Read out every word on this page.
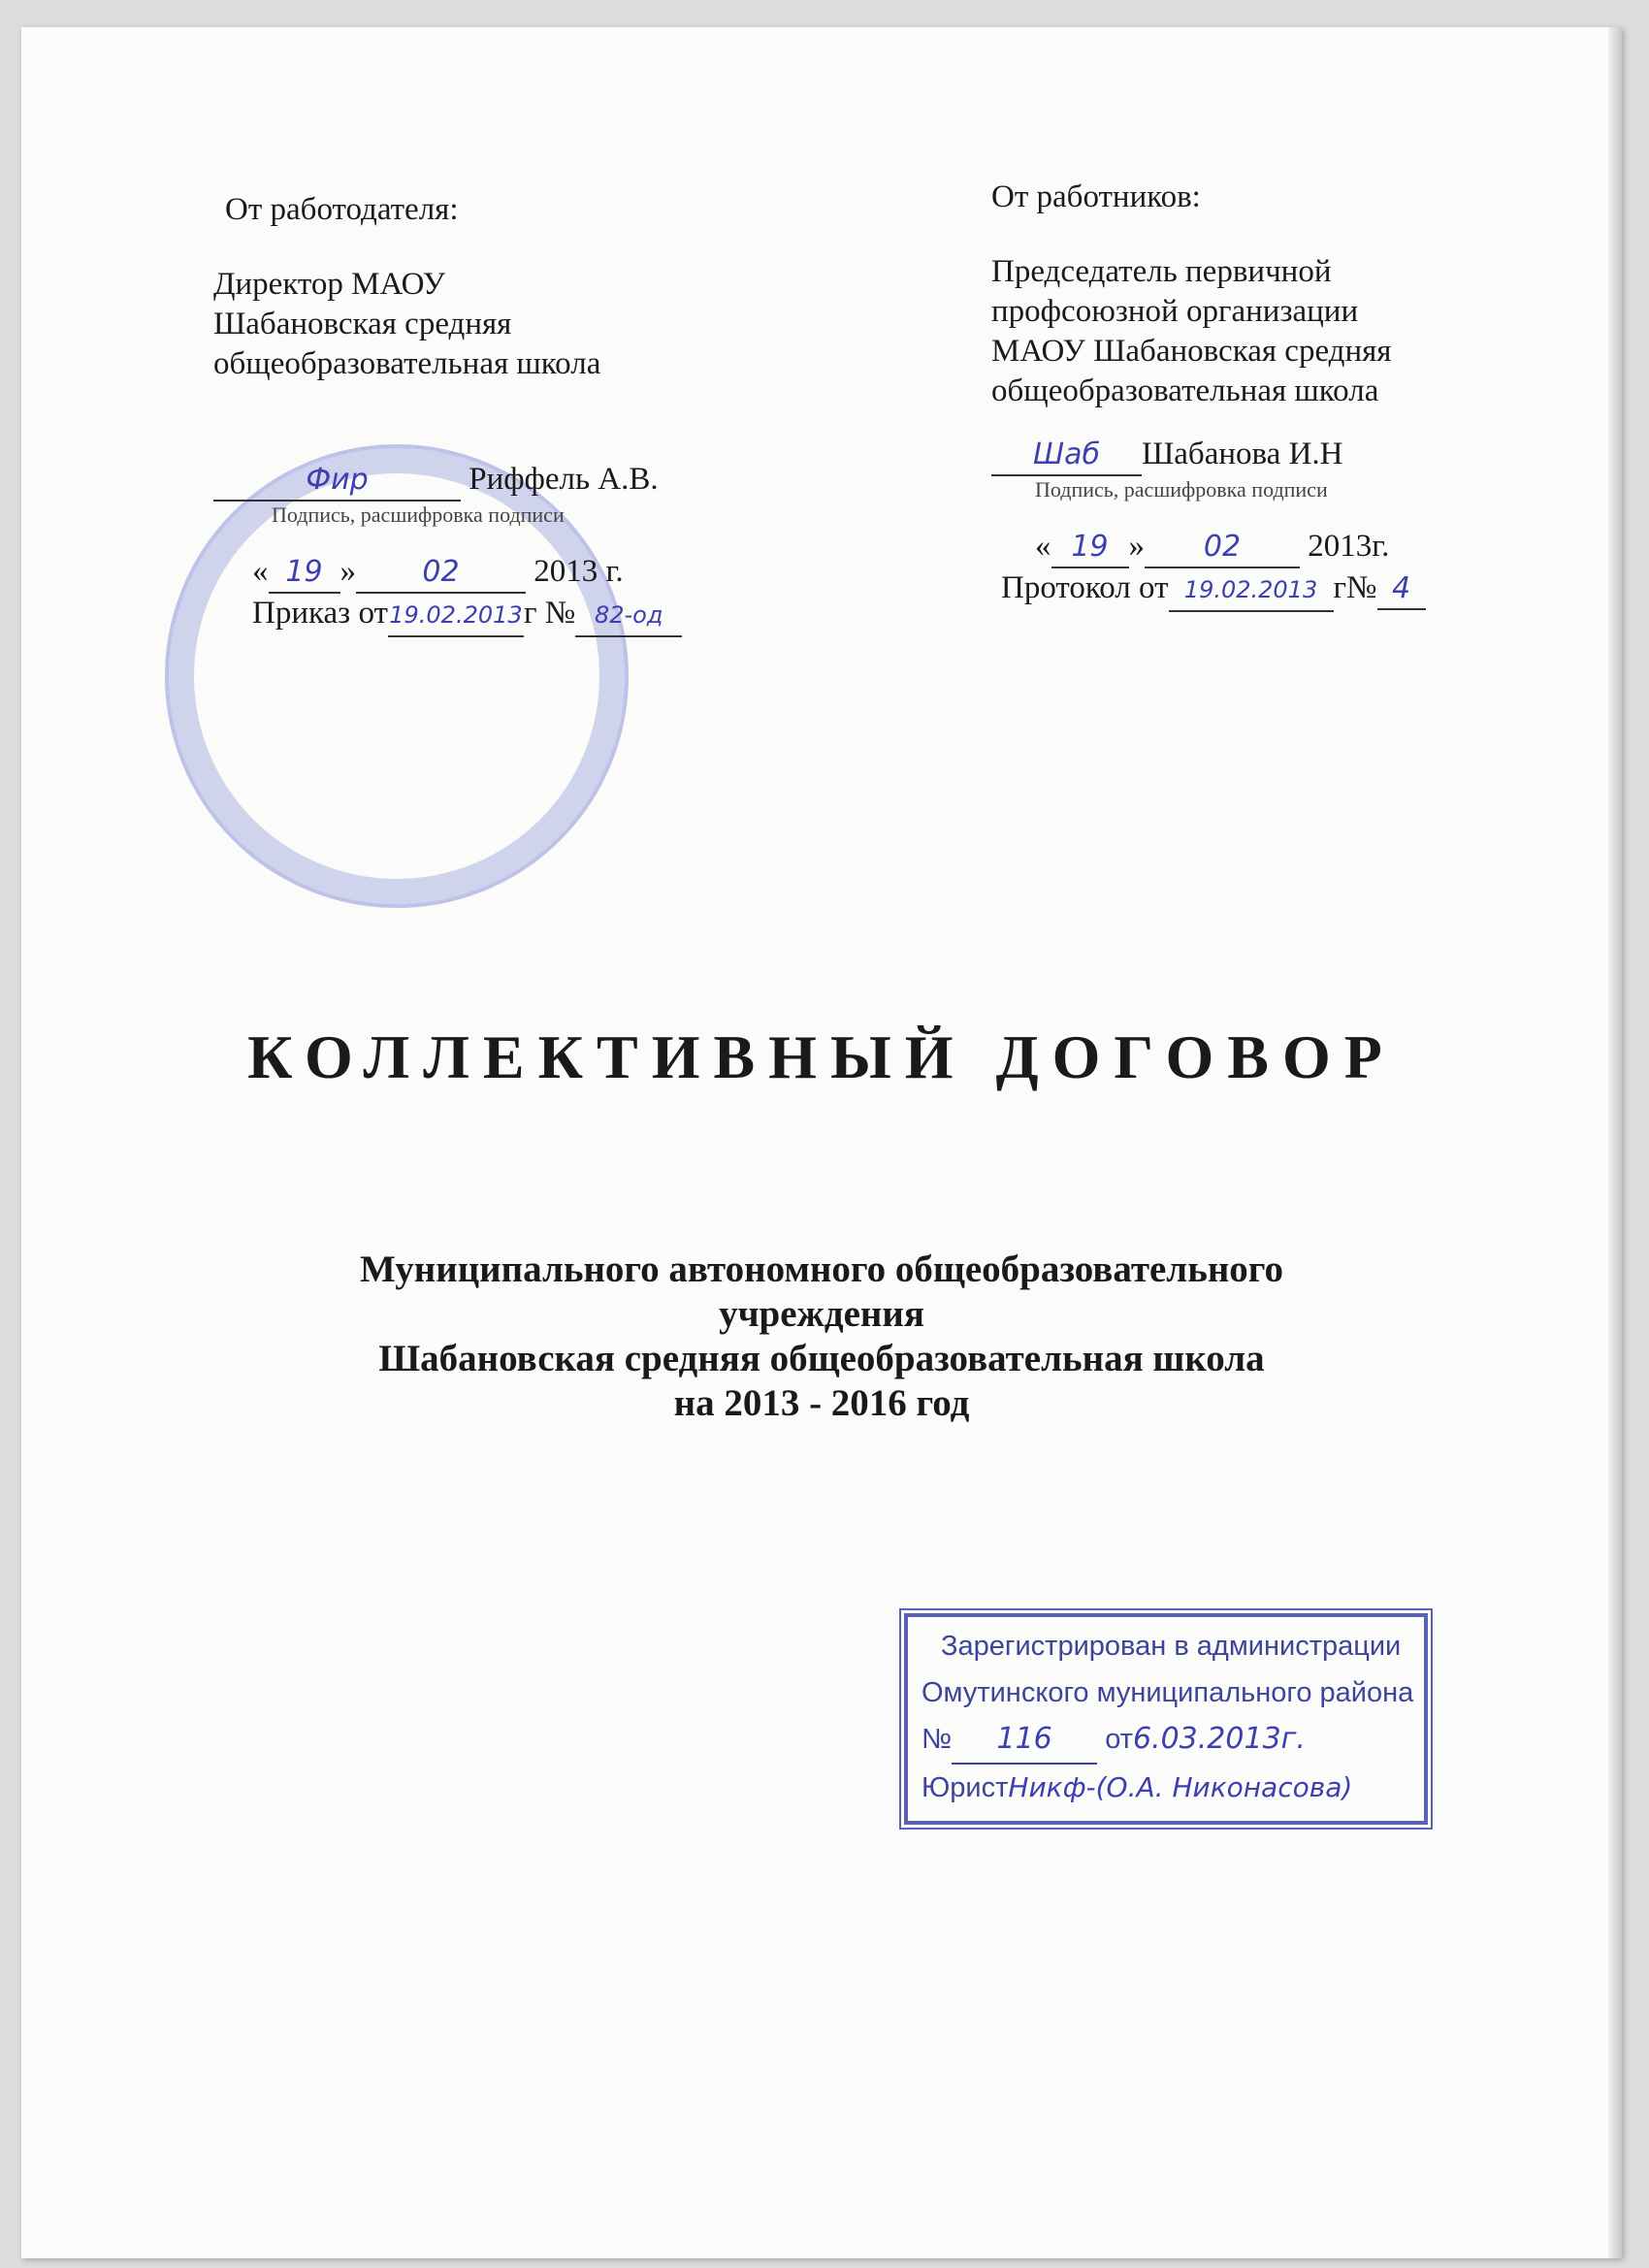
От работодателя:
Директор МАОУ
Шабановская средняя
общеобразовательная школа
Фир	Риффель А.В.
Подпись, расшифровка подписи
« 19 » 02 2013 г.
Приказ от19.02.2013г № 82-од
От работников:
Председатель первичной
профсоюзной организации
МАОУ Шабановская средняя
общеобразовательная школа
Шаб Шабанова И.Н
Подпись, расшифровка подписи
« 19 » 02 2013г.
Протокол от 19.02.2013 г№ 4
КОЛЛЕКТИВНЫЙ ДОГОВОР
Муниципального автономного общеобразовательного
учреждения
Шабановская средняя общеобразовательная школа
на 2013 - 2016 год
Зарегистрирован в администрации
Омутинского муниципального района
№ 116 от6.03.2013г.
ЮристНикф-(О.А. Никонасова)
